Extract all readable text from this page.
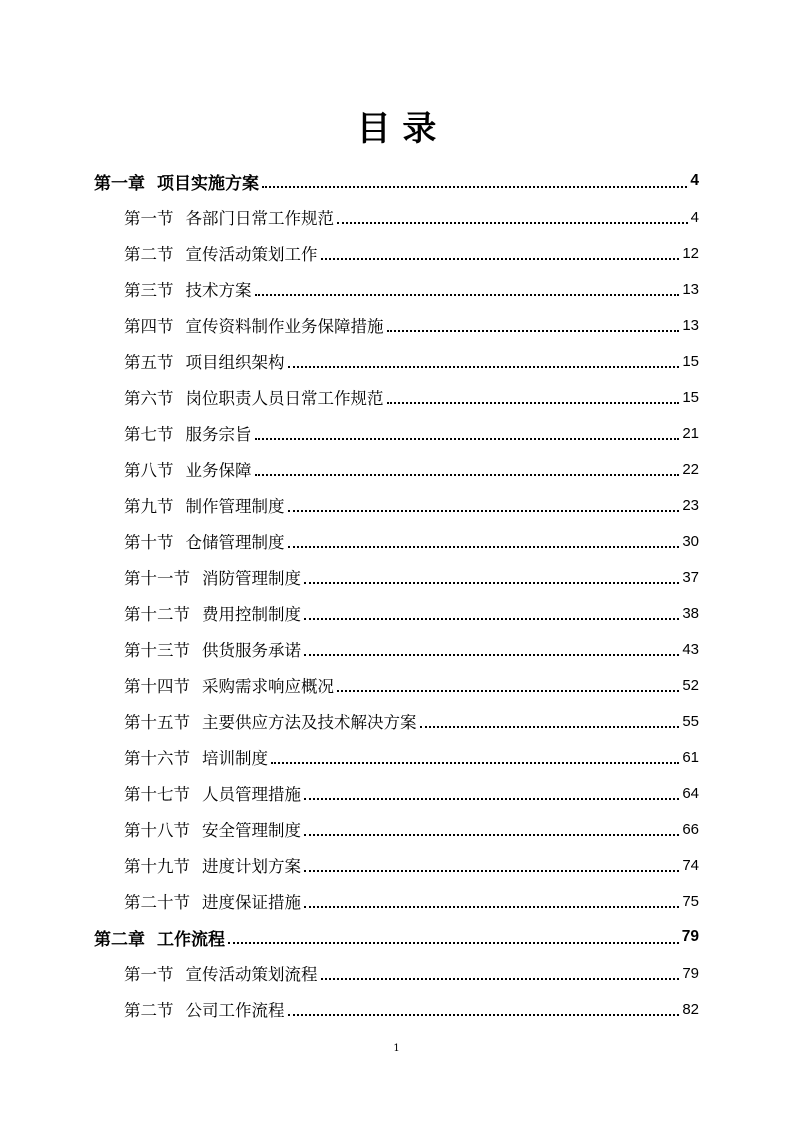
目 录
第一章 项目实施方案	4
第一节 各部门日常工作规范	4
第二节 宣传活动策划工作	12
第三节 技术方案	13
第四节 宣传资料制作业务保障措施	13
第五节 项目组织架构	15
第六节 岗位职责人员日常工作规范	15
第七节 服务宗旨	21
第八节 业务保障	22
第九节 制作管理制度	23
第十节 仓储管理制度	30
第十一节 消防管理制度	37
第十二节 费用控制制度	38
第十三节 供货服务承诺	43
第十四节 采购需求响应概况	52
第十五节 主要供应方法及技术解决方案	55
第十六节 培训制度	61
第十七节 人员管理措施	64
第十八节 安全管理制度	66
第十九节 进度计划方案	74
第二十节 进度保证措施	75
第二章 工作流程	79
第一节 宣传活动策划流程	79
第二节 公司工作流程	82
1
